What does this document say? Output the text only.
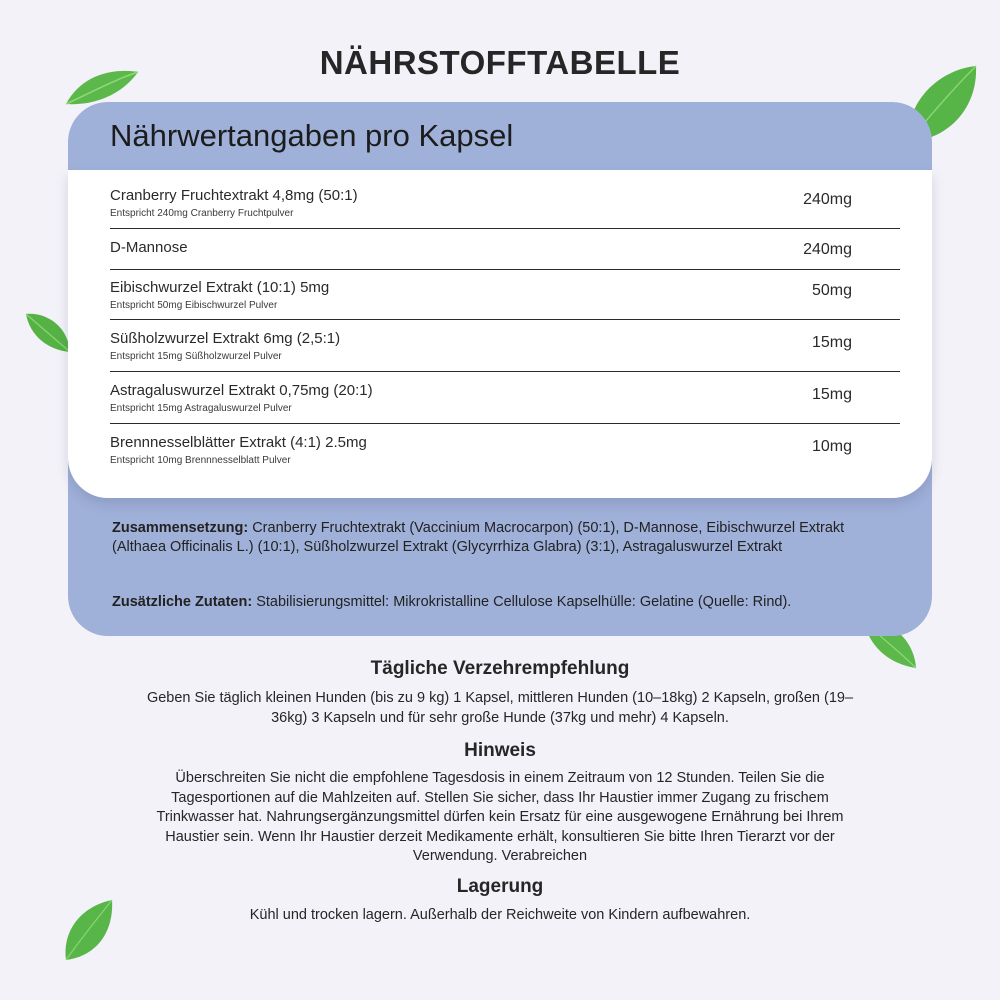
NÄHRSTOFFTABELLE
Nährwertangaben pro Kapsel
Cranberry Fruchtextrakt 4,8mg (50:1)
Entspricht 240mg Cranberry Fruchtpulver
240mg
D-Mannose	240mg
Eibischwurzel Extrakt (10:1) 5mg
Entspricht 50mg Eibischwurzel Pulver
50mg
Süßholzwurzel Extrakt 6mg (2,5:1)
Entspricht 15mg Süßholzwurzel Pulver
15mg
Astragaluswurzel Extrakt 0,75mg (20:1)
Entspricht 15mg Astragaluswurzel Pulver
15mg
Brennnesselblätter Extrakt (4:1) 2.5mg
Entspricht 10mg Brennnesselblatt Pulver
10mg
Zusammensetzung: Cranberry Fruchtextrakt (Vaccinium Macrocarpon) (50:1), D-Mannose, Eibischwurzel Extrakt (Althaea Officinalis L.) (10:1), Süßholzwurzel Extrakt (Glycyrrhiza Glabra) (3:1), Astragaluswurzel Extrakt
Zusätzliche Zutaten: Stabilisierungsmittel: Mikrokristalline Cellulose Kapselhülle: Gelatine (Quelle: Rind).
Tägliche Verzehrempfehlung
Geben Sie täglich kleinen Hunden (bis zu 9 kg) 1 Kapsel, mittleren Hunden (10–18kg) 2 Kapseln, großen (19–36kg) 3 Kapseln und für sehr große Hunde (37kg und mehr) 4 Kapseln.
Hinweis
Überschreiten Sie nicht die empfohlene Tagesdosis in einem Zeitraum von 12 Stunden. Teilen Sie die Tagesportionen auf die Mahlzeiten auf. Stellen Sie sicher, dass Ihr Haustier immer Zugang zu frischem Trinkwasser hat. Nahrungsergänzungsmittel dürfen kein Ersatz für eine ausgewogene Ernährung bei Ihrem Haustier sein. Wenn Ihr Haustier derzeit Medikamente erhält, konsultieren Sie bitte Ihren Tierarzt vor der Verwendung. Verabreichen
Lagerung
Kühl und trocken lagern. Außerhalb der Reichweite von Kindern aufbewahren.
